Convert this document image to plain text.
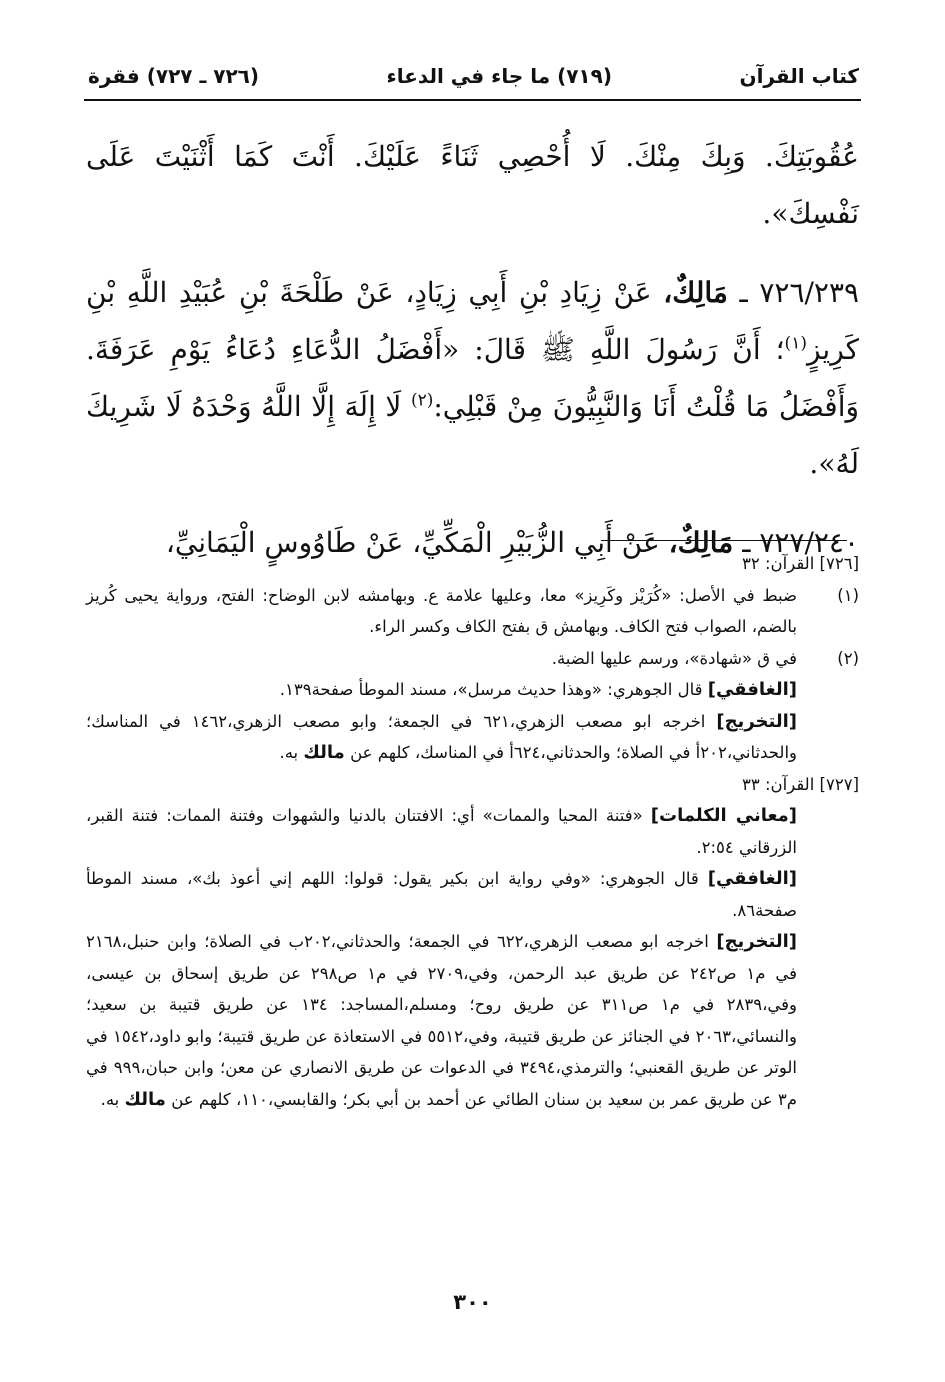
كتاب القرآن
(٧١٩) ما جاء في الدعاء
(٧٢٦ ـ ٧٢٧) فقرة

عُقُوبَتِكَ. وَبِكَ مِنْكَ. لَا أُحْصِي ثَنَاءً عَلَيْكَ. أَنْتَ كَمَا أَثْنَيْتَ عَلَى نَفْسِكَ».

٧٢٦/٢٣٩ ـ مَالِكٌ، عَنْ زِيَادِ بْنِ أَبِي زِيَادٍ، عَنْ طَلْحَةَ بْنِ عُبَيْدِ اللَّهِ بْنِ كَرِيزٍ$^{(١)}$؛ أَنَّ رَسُولَ اللَّهِ ﷺ قَالَ: «أَفْضَلُ الدُّعَاءِ دُعَاءُ يَوْمِ عَرَفَةَ. وَأَفْضَلُ مَا قُلْتُ أَنَا وَالنَّبِيُّونَ مِنْ قَبْلِي:$^{(٢)}$ لَا إِلَهَ إِلَّا اللَّهُ وَحْدَهُ لَا شَرِيكَ لَهُ».

٧٢٧/٢٤٠ ـ مَالِكٌ، عَنْ أَبِي الزُّبَيْرِ الْمَكِّيِّ، عَنْ طَاوُوسٍ الْيَمَانِيِّ،

[٧٢٦] القرآن: ٣٢

(١)
ضبط في الأصل: «كُرَيْز وكَرِيز» معا، وعليها علامة ع. وبهامشه لابن الوضاح: الفتح، ورواية يحيى كُريز بالضم، الصواب فتح الكاف. وبهامش ق بفتح الكاف وكسر الراء.
(٢)
في ق «شهادة»، ورسم عليها الضبة.

[الغافقي] قال الجوهري: «وهذا حديث مرسل»، مسند الموطأ صفحة١٣٩.

[التخريج] اخرجه ابو مصعب الزهري،٦٢١ في الجمعة؛ وابو مصعب الزهري،١٤٦٢ في المناسك؛ والحدثاني،٢٠٢أ في الصلاة؛ والحدثاني،٦٢٤أ في المناسك، كلهم عن مالك به.

[٧٢٧] القرآن: ٣٣

[معاني الكلمات] «فتنة المحيا والممات» أي: الافتنان بالدنيا والشهوات وفتنة الممات: فتنة القبر، الزرقاني ٢:٥٤.

[الغافقي] قال الجوهري: «وفي رواية ابن بكير يقول: قولوا: اللهم إني أعوذ بك»، مسند الموطأ صفحة٨٦.

[التخريج] اخرجه ابو مصعب الزهري،٦٢٢ في الجمعة؛ والحدثاني،٢٠٢ب في الصلاة؛ وابن حنبل،٢١٦٨ في م١ ص٢٤٢ عن طريق عبد الرحمن، وفي،٢٧٠٩ في م١ ص٢٩٨ عن طريق إسحاق بن عيسى، وفي،٢٨٣٩ في م١ ص٣١١ عن طريق روح؛ ومسلم،المساجد: ١٣٤ عن طريق قتيبة بن سعيد؛ والنسائي،٢٠٦٣ في الجنائز عن طريق قتيبة، وفي،٥٥١٢ في الاستعاذة عن طريق قتيبة؛ وابو داود،١٥٤٢ في الوتر عن طريق القعنبي؛ والترمذي،٣٤٩٤ في الدعوات عن طريق الانصاري عن معن؛ وابن حبان،٩٩٩ في م٣ عن طريق عمر بن سعيد بن سنان الطائي عن أحمد بن أبي بكر؛ والقابسي،١١٠، كلهم عن مالك به.

٣٠٠
